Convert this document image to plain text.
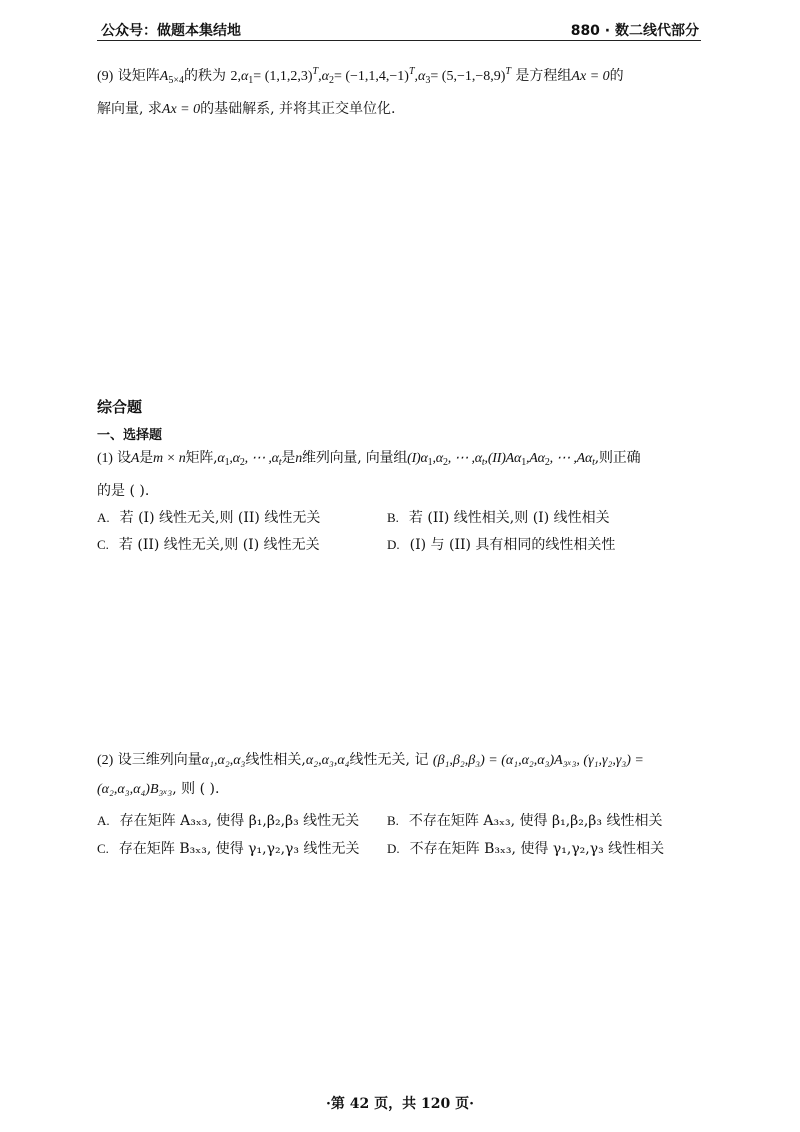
公众号：做题本集结地	880 · 数二线代部分
(9) 设矩阵$A_{5\times 4}$的秩为 $2,\alpha_1= (1,1,2,3)^T,\alpha_2= (-1,1,4,-1)^T,\alpha_3= (5,-1,-8,9)^T$ 是方程组Ax = 0的
解向量, 求Ax = 0的基础解系, 并将其正交单位化.
综合题
一、选择题
(1) 设A是m × n矩阵$,\alpha_1,\alpha_2$, ⋯ $,\alpha_t$是n维列向量, 向量组$(I)\alpha_1,\alpha_2$, ⋯ $,\alpha_t,(II)A\alpha_1,A\alpha_2$, ⋯ $,A\alpha_t$,则正确
的是 ( ).
A. 若 (I) 线性无关,则 (II) 线性无关	B. 若 (II) 线性相关,则 (I) 线性相关
C. 若 (II) 线性无关,则 (I) 线性无关	D. (I) 与 (II) 具有相同的线性相关性
(2) 设三维列向量α₁,α₂,α₃线性相关,α₂,α₃,α₄线性无关, 记 (β₁,β₂,β₃) = (α₁,α₂,α₃)A₃ₓ₃, (γ₁,γ₂,γ₃) =
(α₂,α₃,α₄)B₃ₓ₃, 则 ( ).
A. 存在矩阵 A₃ₓ₃, 使得 β₁,β₂,β₃ 线性无关 B. 不存在矩阵 A₃ₓ₃, 使得 β₁,β₂,β₃ 线性相关
C. 存在矩阵 B₃ₓ₃, 使得 γ₁,γ₂,γ₃ 线性无关 D. 不存在矩阵 B₃ₓ₃, 使得 γ₁,γ₂,γ₃ 线性相关
·第 42 页，共 120 页·
